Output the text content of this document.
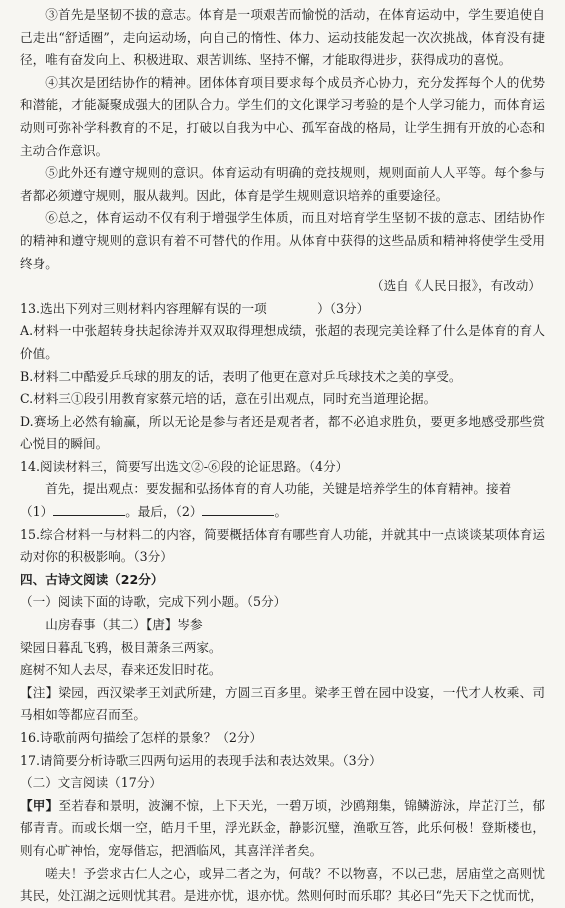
③首先是坚韧不拔的意志。体育是一项艰苦而愉悦的活动，在体育运动中，学生要追使自己走出“舒适圈”，走向运动场，向自己的惰性、体力、运动技能发起一次次挑战，体育没有捷径，唯有奋发向上、积极进取、艰苦训练、坚持不懈，才能取得进步，获得成功的喜悦。

④其次是团结协作的精神。团体体育项目要求每个成员齐心协力，充分发挥每个人的优势和潜能，才能凝聚成强大的团队合力。学生们的文化课学习考验的是个人学习能力，而体育运动则可弥补学科教育的不足，打破以自我为中心、孤军奋战的格局，让学生拥有开放的心态和主动合作意识。

⑤此外还有遵守规则的意识。体育运动有明确的竞技规则，规则面前人人平等。每个参与者都必须遵守规则，服从裁判。因此，体育是学生规则意识培养的重要途径。

⑥总之，体育运动不仅有利于增强学生体质，而且对培育学生坚韧不拔的意志、团结协作的精神和遵守规则的意识有着不可替代的作用。从体育中获得的这些品质和精神将使学生受用终身。

（选自《人民日报》，有改动）

13.选出下列对三则材料内容理解有误的一项　　　　）（3分）

A.材料一中张超转身扶起徐涛并双双取得理想成绩，张超的表现完美诠释了什么是体育的育人价值。

B.材料二中酷爱乒乓球的朋友的话，表明了他更在意对乒乓球技术之美的享受。

C.材料三①段引用教育家蔡元培的话，意在引出观点，同时充当道理论据。

D.赛场上必然有输赢，所以无论是参与者还是观者者，都不必追求胜负，要更多地感受那些赏心悦目的瞬间。

14.阅读材料三，简要写出选文②-⑥段的论证思路。（4分）

首先，提出观点：要发掘和弘扬体育的育人功能，关键是培养学生的体育精神。接着

（1）	。最后，（2）	。

15.综合材料一与材料二的内容，简要概括体育有哪些育人功能，并就其中一点谈谈某项体育运动对你的积极影响。（3分）

四、古诗文阅读（22分）

（一）阅读下面的诗歌，完成下列小题。（5分）

山房春事（其二）【唐】岑参

梁园日暮乱飞鸦，极目萧条三两家。

庭树不知人去尽，春来还发旧时花。

【注】梁园，西汉梁孝王刘武所建，方圆三百多里。梁孝王曾在园中设宴，一代才人枚乘、司马相如等都应召而至。

16.诗歌前两句描绘了怎样的景象？（2分）

17.请简要分析诗歌三四两句运用的表现手法和表达效果。（3分）

（二）文言阅读（17分）

【甲】至若春和景明，波澜不惊，上下天光，一碧万顷，沙鸥翔集，锦鳞游泳，岸芷汀兰，郁郁青青。而或长烟一空，皓月千里，浮光跃金，静影沉璧，渔歌互答，此乐何极！登斯楼也，则有心旷神怡，宠辱偕忘，把酒临风，其喜洋洋者矣。

嗟夫！予尝求古仁人之心，或异二者之为，何哉？不以物喜，不以己悲，居庙堂之高则忧其民，处江湖之远则忧其君。是进亦忧，退亦忧。然则何时而乐耶？其必曰“先天下之忧而忧，
